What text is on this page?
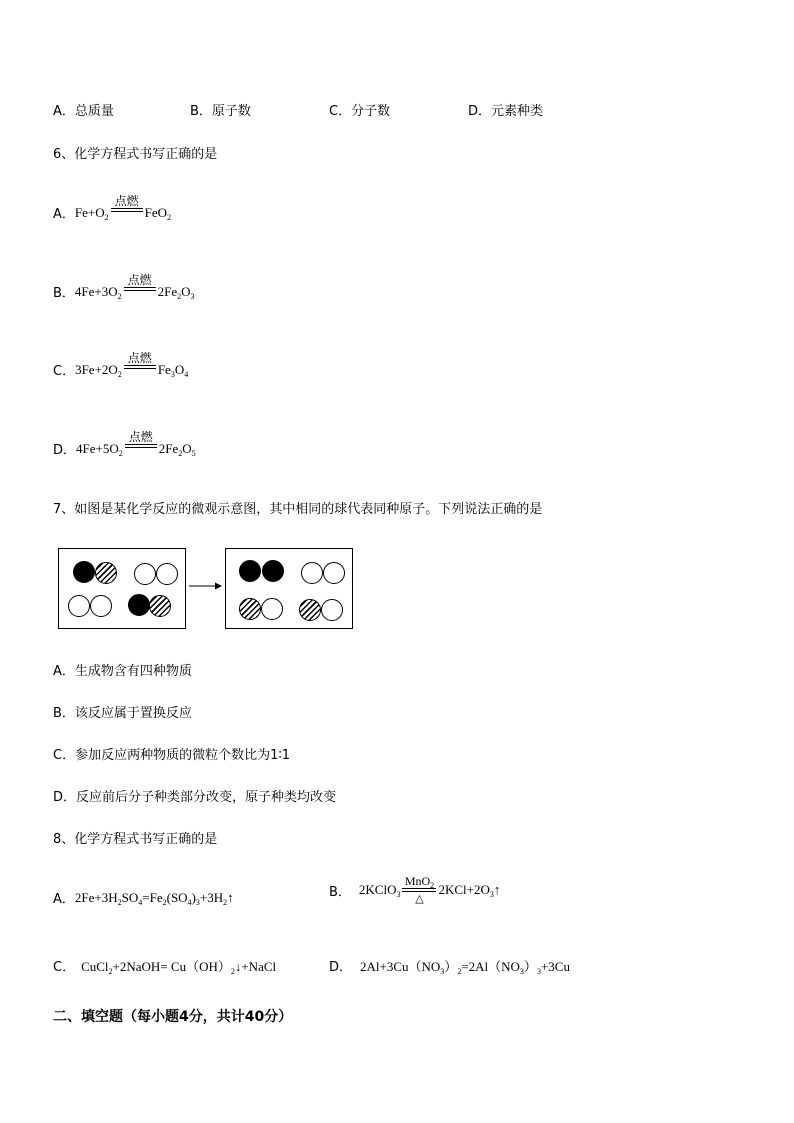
A．总质量	B．原子数	C．分子数	D．元素种类
6、化学方程式书写正确的是
A． $Fe+O_2$
点燃
FeO$_2$
B． $4Fe+3O_2$
点燃
$2Fe_2O_3$
C． $3Fe+2O_2$
点燃
$Fe_3O_4$
D． $4Fe+5O_2$
点燃
$2Fe_2O_5$
7、如图是某化学反应的微观示意图，其中相同的球代表同种原子。下列说法正确的是
A．生成物含有四种物质
B．该反应属于置换反应
C．参加反应两种物质的微粒个数比为1∶1
D．反应前后分子种类部分改变，原子种类均改变
8、化学方程式书写正确的是
A． $2Fe+3H_2SO_4=Fe_2(SO_4)_3+3H_2↑$	B． 2KClO$_3$
MnO$_2$
△
$2KCl+2O_3↑$
C． CuCl$_2$+2NaOH= $Cu(OH)_2↓+NaCl$	D． $2Al+3Cu(NO_3)_2=2Al(NO_3)_3+3Cu$
二、填空题（每小题4分，共计40分）
